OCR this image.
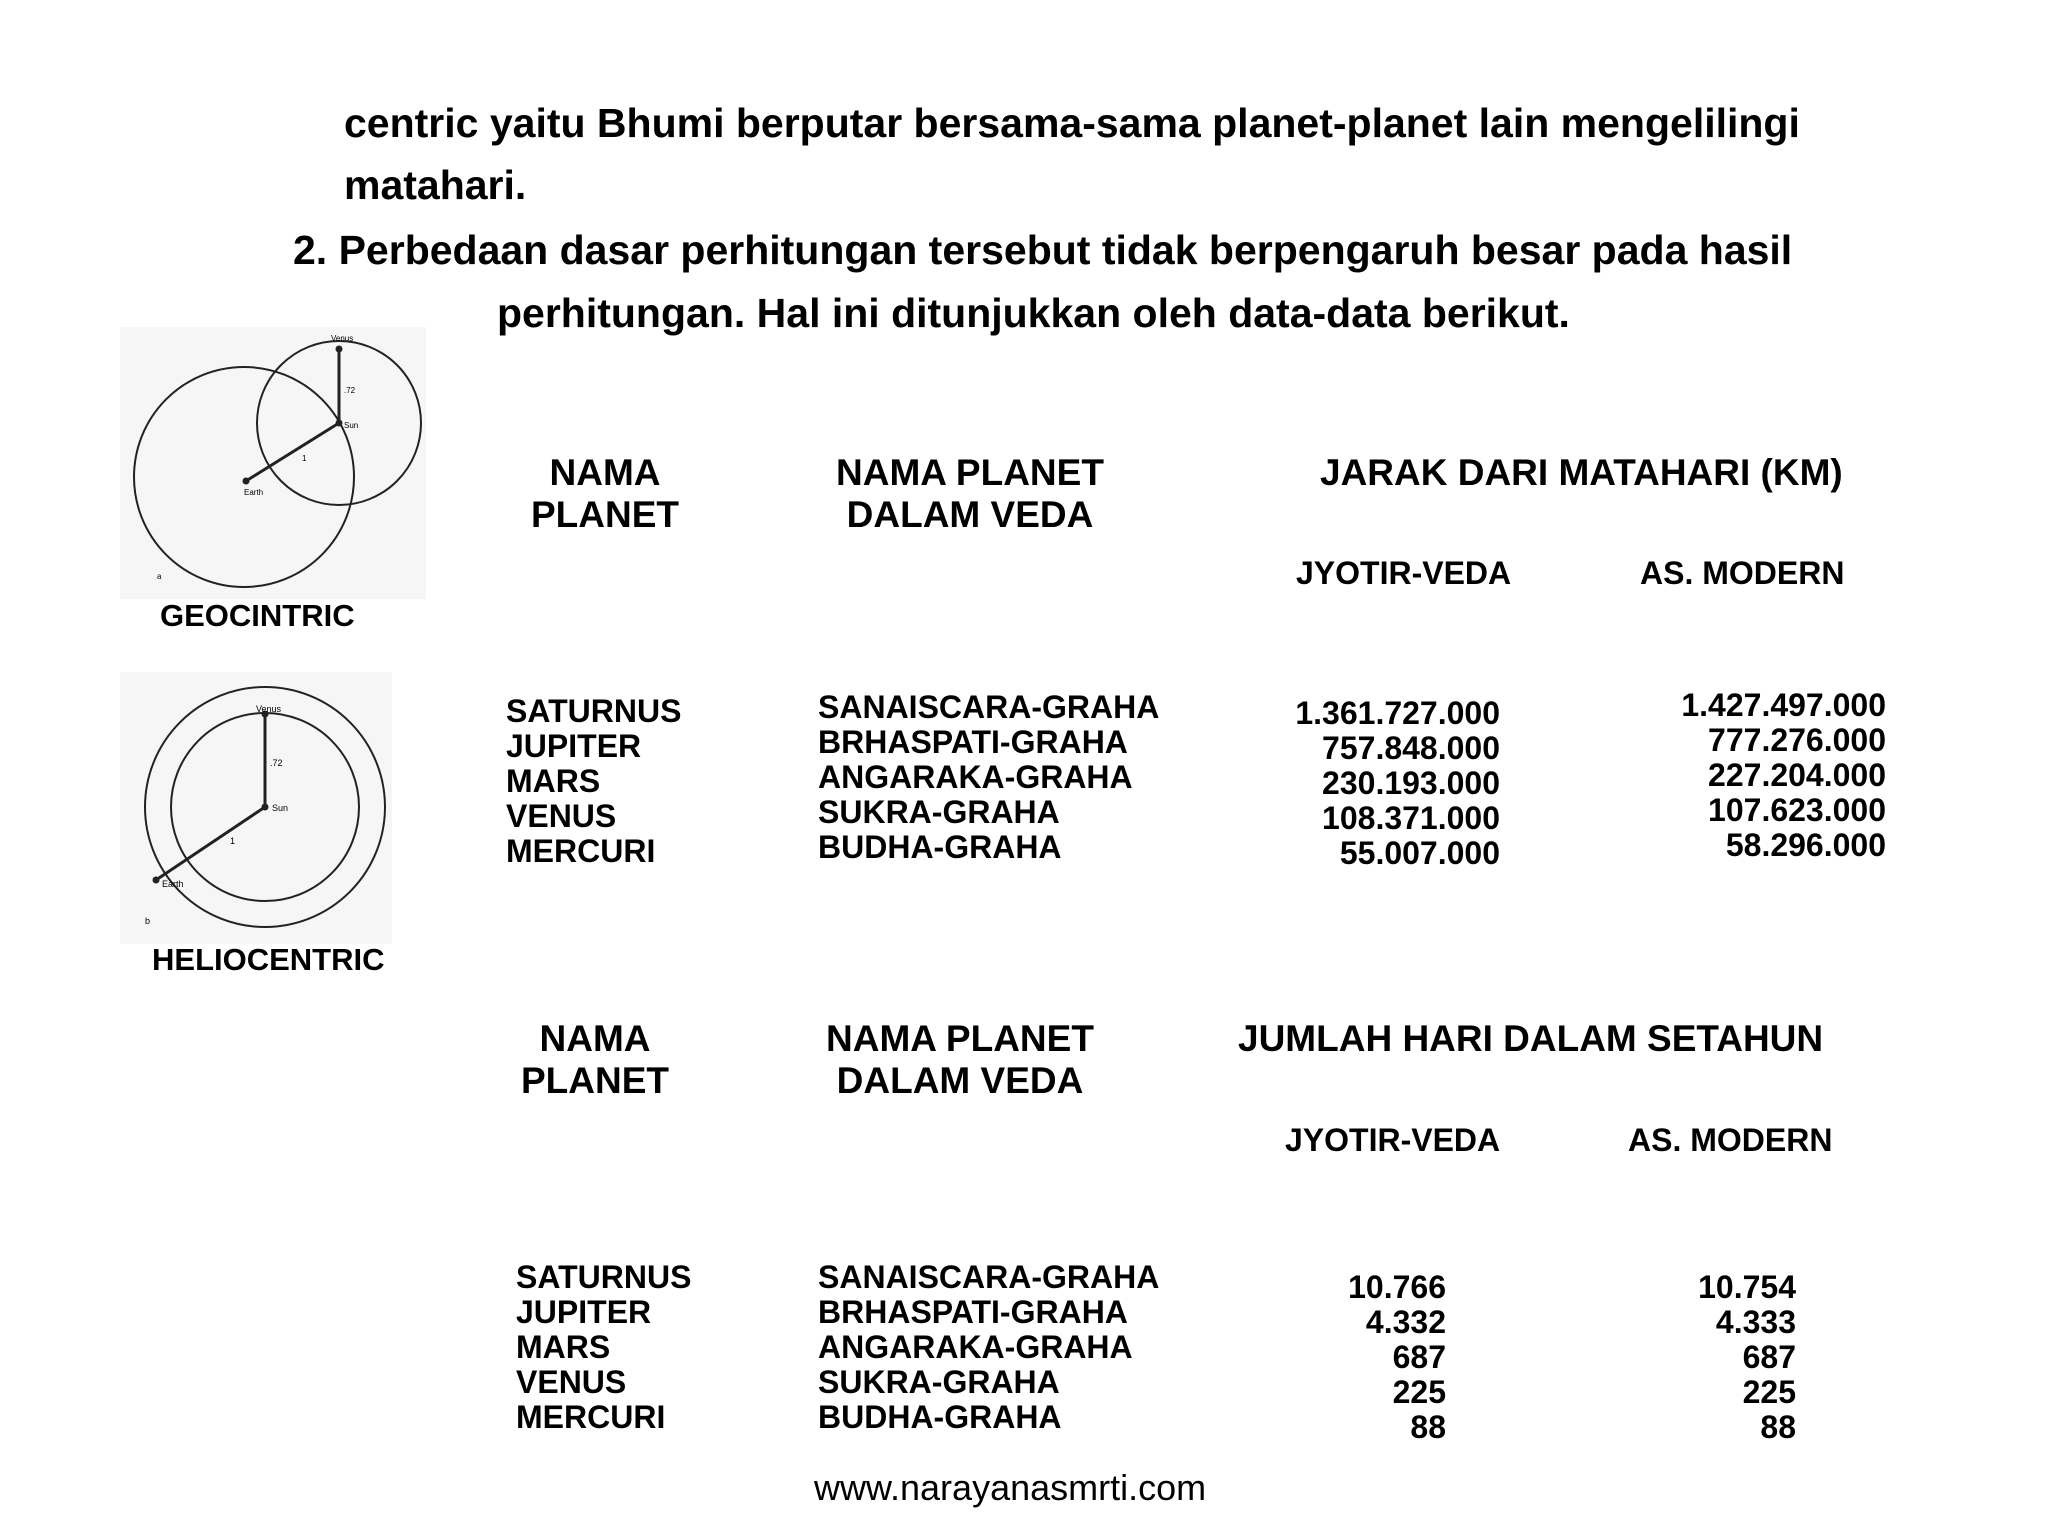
centric yaitu Bhumi berputar bersama-sama planet-planet lain mengelilingi
matahari.
2. Perbedaan dasar perhitungan tersebut tidak berpengaruh besar pada hasil
perhitungan. Hal ini ditunjukkan oleh data-data berikut.
Venus
.72
Sun
1
Earth
a
GEOCINTRIC
Venus
.72
Sun
1
Earth
b
HELIOCENTRIC
NAMA
PLANET
NAMA PLANET
DALAM VEDA
JARAK DARI MATAHARI (KM)
JYOTIR-VEDA	AS. MODERN
SATURNUS
JUPITER
MARS
VENUS
MERCURI
SANAISCARA-GRAHA
BRHASPATI-GRAHA
ANGARAKA-GRAHA
SUKRA-GRAHA
BUDHA-GRAHA
1.361.727.000
757.848.000
230.193.000
108.371.000
55.007.000
1.427.497.000
777.276.000
227.204.000
107.623.000
58.296.000
NAMA
PLANET
NAMA PLANET
DALAM VEDA
JUMLAH HARI DALAM SETAHUN
JYOTIR-VEDA	AS. MODERN
SATURNUS
JUPITER
MARS
VENUS
MERCURI
SANAISCARA-GRAHA
BRHASPATI-GRAHA
ANGARAKA-GRAHA
SUKRA-GRAHA
BUDHA-GRAHA
10.766
4.332
687
225
88
10.754
4.333
687
225
88
www.narayanasmrti.com
